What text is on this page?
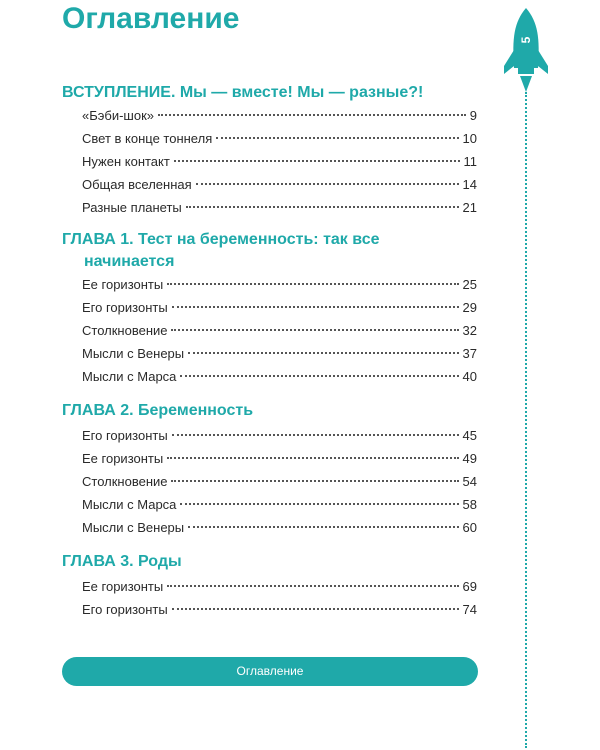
Оглавление
5
ВСТУПЛЕНИЕ. Мы — вместе! Мы — разные?!
«Бэби-шок»	9
Свет в конце тоннеля	10
Нужен контакт	11
Общая вселенная	14
Разные планеты	21
ГЛАВА 1. Тест на беременность: так все
начинается
Ее горизонты	25
Его горизонты	29
Столкновение	32
Мысли с Венеры	37
Мысли с Марса	40
ГЛАВА 2. Беременность
Его горизонты	45
Ее горизонты	49
Столкновение	54
Мысли с Марса	58
Мысли с Венеры	60
ГЛАВА 3. Роды
Ее горизонты	69
Его горизонты	74
Оглавление
